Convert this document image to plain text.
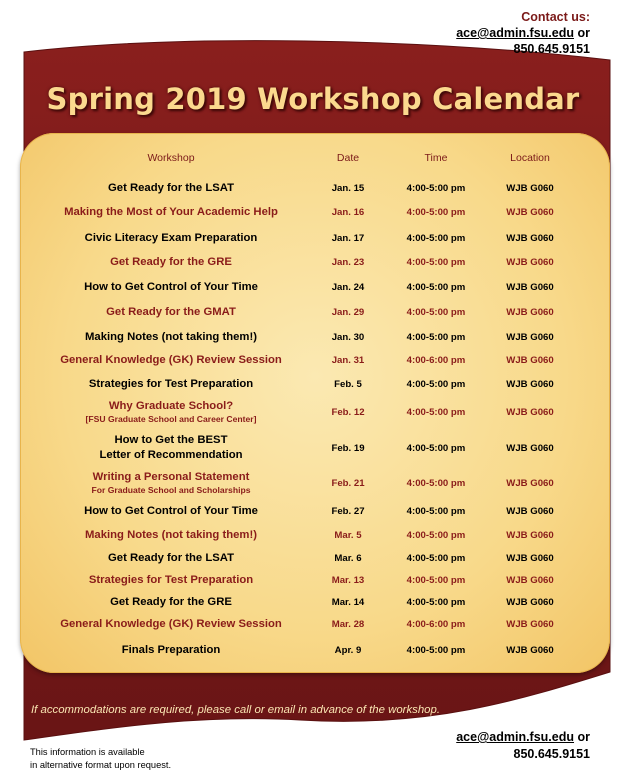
Contact us:
ace@admin.fsu.edu or
850.645.9151
Spring 2019 Workshop Calendar
Workshop	Date	Time	Location
Get Ready for the LSAT	Jan. 15	4:00-5:00 pm	WJB G060
Making the Most of Your Academic Help	Jan. 16	4:00-5:00 pm	WJB G060
Civic Literacy Exam Preparation	Jan. 17	4:00-5:00 pm	WJB G060
Get Ready for the GRE	Jan. 23	4:00-5:00 pm	WJB G060
How to Get Control of Your Time	Jan. 24	4:00-5:00 pm	WJB G060
Get Ready for the GMAT	Jan. 29	4:00-5:00 pm	WJB G060
Making Notes (not taking them!)	Jan. 30	4:00-5:00 pm	WJB G060
General Knowledge (GK) Review Session	Jan. 31	4:00-6:00 pm	WJB G060
Strategies for Test Preparation	Feb. 5	4:00-5:00 pm	WJB G060
Why Graduate School?
[FSU Graduate School and Career Center]
Feb. 12	4:00-5:00 pm	WJB G060
How to Get the BEST
Letter of Recommendation
Feb. 19	4:00-5:00 pm	WJB G060
Writing a Personal Statement
For Graduate School and Scholarships
Feb. 21	4:00-5:00 pm	WJB G060
How to Get Control of Your Time	Feb. 27	4:00-5:00 pm	WJB G060
Making Notes (not taking them!)	Mar. 5	4:00-5:00 pm	WJB G060
Get Ready for the LSAT	Mar. 6	4:00-5:00 pm	WJB G060
Strategies for Test Preparation	Mar. 13	4:00-5:00 pm	WJB G060
Get Ready for the GRE	Mar. 14	4:00-5:00 pm	WJB G060
General Knowledge (GK) Review Session	Mar. 28	4:00-6:00 pm	WJB G060
Finals Preparation	Apr. 9	4:00-5:00 pm	WJB G060
If accommodations are required, please call or email in advance of the workshop.
This information is available
in alternative format upon request.
Contact us:
ace@admin.fsu.edu or
850.645.9151
